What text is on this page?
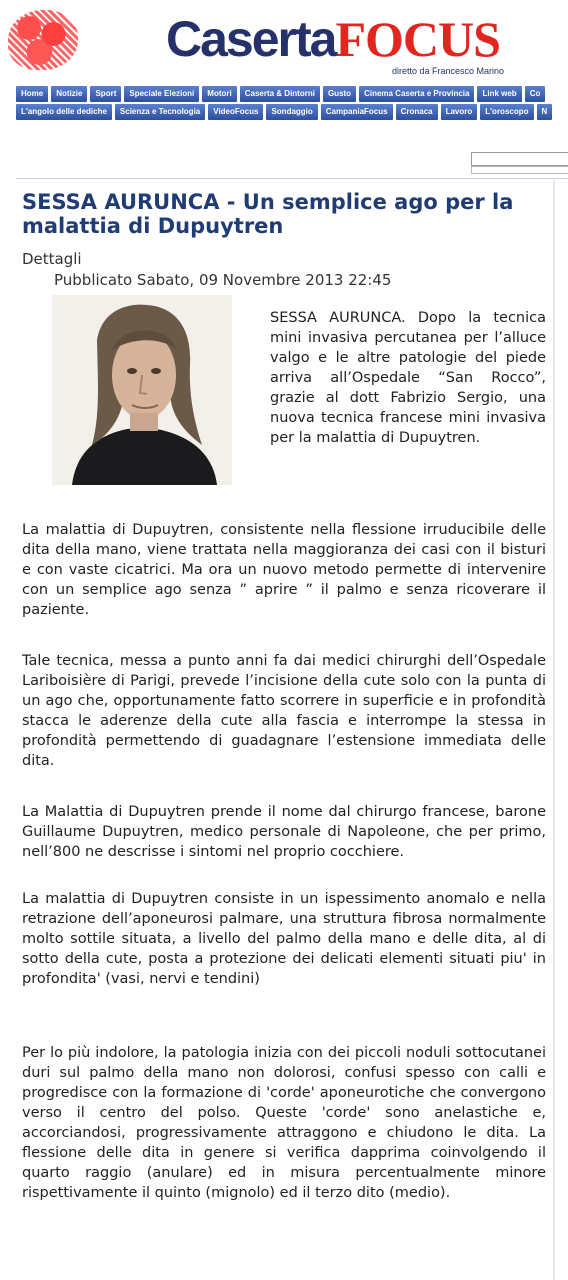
CasertaFOCUS
diretto da Francesco Marino
Home	Notizie	Sport	Speciale Elezioni	Motori	Caserta & Dintorni	Gusto	Cinema Caserta e Provincia	Link web	Co
L'angolo delle dediche	Scienza e Tecnologia	VideoFocus	Sondaggio	CampaniaFocus	Cronaca	Lavoro	L'oroscopo	N
SESSA AURUNCA - Un semplice ago per la malattia di Dupuytren
Dettagli
Pubblicato Sabato, 09 Novembre 2013 22:45
SESSA AURUNCA. Dopo la tecnica mini invasiva percutanea per l’alluce valgo e le altre patologie del piede arriva all’Ospedale “San Rocco”, grazie al dott Fabrizio Sergio, una nuova tecnica francese mini invasiva per la malattia di Dupuytren.

La malattia di Dupuytren, consistente nella flessione irruducibile delle dita della mano, viene trattata nella maggioranza dei casi con il bisturi e con vaste cicatrici. Ma ora un nuovo metodo permette di intervenire con un semplice ago senza ” aprire ” il palmo e senza ricoverare il paziente.

Tale tecnica, messa a punto anni fa dai medici chirurghi dell’Ospedale Lariboisière di Parigi, prevede l’incisione della cute solo con la punta di un ago che, opportunamente fatto scorrere in superficie e in profondità stacca le aderenze della cute alla fascia e interrompe la stessa in profondità permettendo di guadagnare l’estensione immediata delle dita.

La Malattia di Dupuytren prende il nome dal chirurgo francese, barone Guillaume Dupuytren, medico personale di Napoleone, che per primo, nell’800 ne descrisse i sintomi nel proprio cocchiere.

La malattia di Dupuytren consiste in un ispessimento anomalo e nella retrazione dell’aponeurosi palmare, una struttura fibrosa normalmente molto sottile situata, a livello del palmo della mano e delle dita, al di sotto della cute, posta a protezione dei delicati elementi situati piu' in profondita' (vasi, nervi e tendini)

Per lo più indolore, la patologia inizia con dei piccoli noduli sottocutanei duri sul palmo della mano non dolorosi, confusi spesso con calli e progredisce con la formazione di 'corde' aponeurotiche che convergono verso il centro del polso. Queste 'corde' sono anelastiche e, accorciandosi, progressivamente attraggono e chiudono le dita. La flessione delle dita in genere si verifica dapprima coinvolgendo il quarto raggio (anulare) ed in misura percentualmente minore rispettivamente il quinto (mignolo) ed il terzo dito (medio).
